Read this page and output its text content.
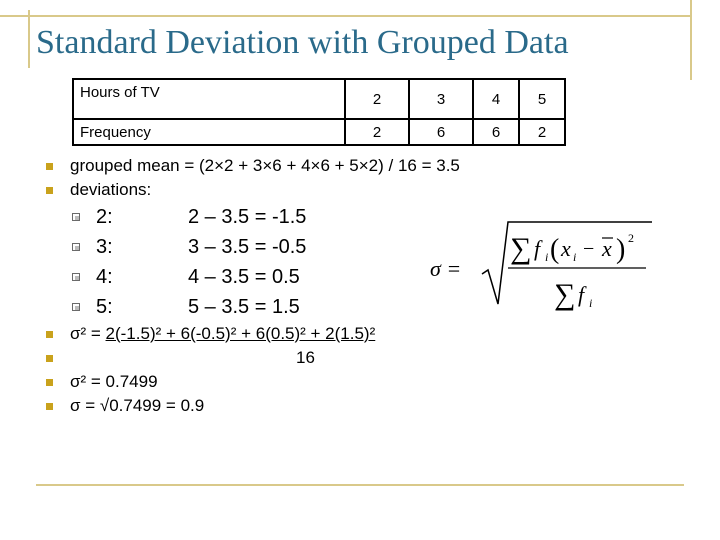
Standard Deviation with Grouped Data
Hours of TV	2	3	4	5
Frequency	2	6	6	2
grouped mean = (2×2 + 3×6 + 4×6 + 5×2) / 16 = 3.5
deviations:
2:	2 – 3.5 = -1.5
3:	3 – 3.5 = -0.5
4:	4 – 3.5 = 0.5
5:	5 – 3.5 = 1.5
σ² = 2(-1.5)² + 6(-0.5)² + 6(0.5)² + 2(1.5)²
16
σ² = 0.7499
σ = √0.7499 = 0.9
σ =
∑ f i ( x i − x ) 2
∑ f i
